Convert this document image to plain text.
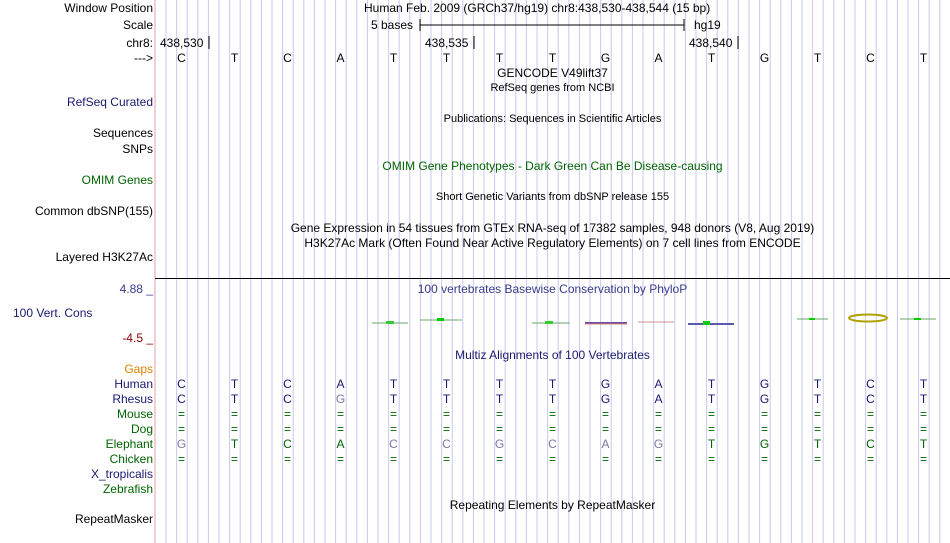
Window Position	Human Feb. 2009 (GRCh37/hg19) chr8:438,530-438,544 (15 bp)
Scale	5 bases	hg19
chr8: 438,530	438,535	438,540
--->	C	T	C	A	T	T	T	T	G	A	T	G	T	C	T
GENCODE V49lift37
RefSeq genes from NCBI
RefSeq Curated
Publications: Sequences in Scientific Articles
Sequences
SNPs
OMIM Gene Phenotypes - Dark Green Can Be Disease-causing
OMIM Genes
Short Genetic Variants from dbSNP release 155
Common dbSNP(155)
Gene Expression in 54 tissues from GTEx RNA-seq of 17382 samples, 948 donors (V8, Aug 2019)
H3K27Ac Mark (Often Found Near Active Regulatory Elements) on 7 cell lines from ENCODE
Layered H3K27Ac
100 vertebrates Basewise Conservation by PhyloP
4.88 _
-4.5 _
100 Vert. Cons
Multiz Alignments of 100 Vertebrates
Gaps
Human	C	T	C	A	T	T	T	T	G	A	T	G	T	C	T
Rhesus	C	T	C	G	T	T	T	T	G	A	T	G	T	C	T
Mouse	=	=	=	=	=	=	=	=	=	=	=	=	=	=	=
Dog	=	=	=	=	=	=	=	=	=	=	=	=	=	=	=
Elephant	G	T	C	A	C	C	G	C	A	G	T	G	T	C	T
Chicken	=	=	=	=	=	=	=	=	=	=	=	=	=	=	=
X_tropicalis
Zebrafish
Repeating Elements by RepeatMasker
RepeatMasker
